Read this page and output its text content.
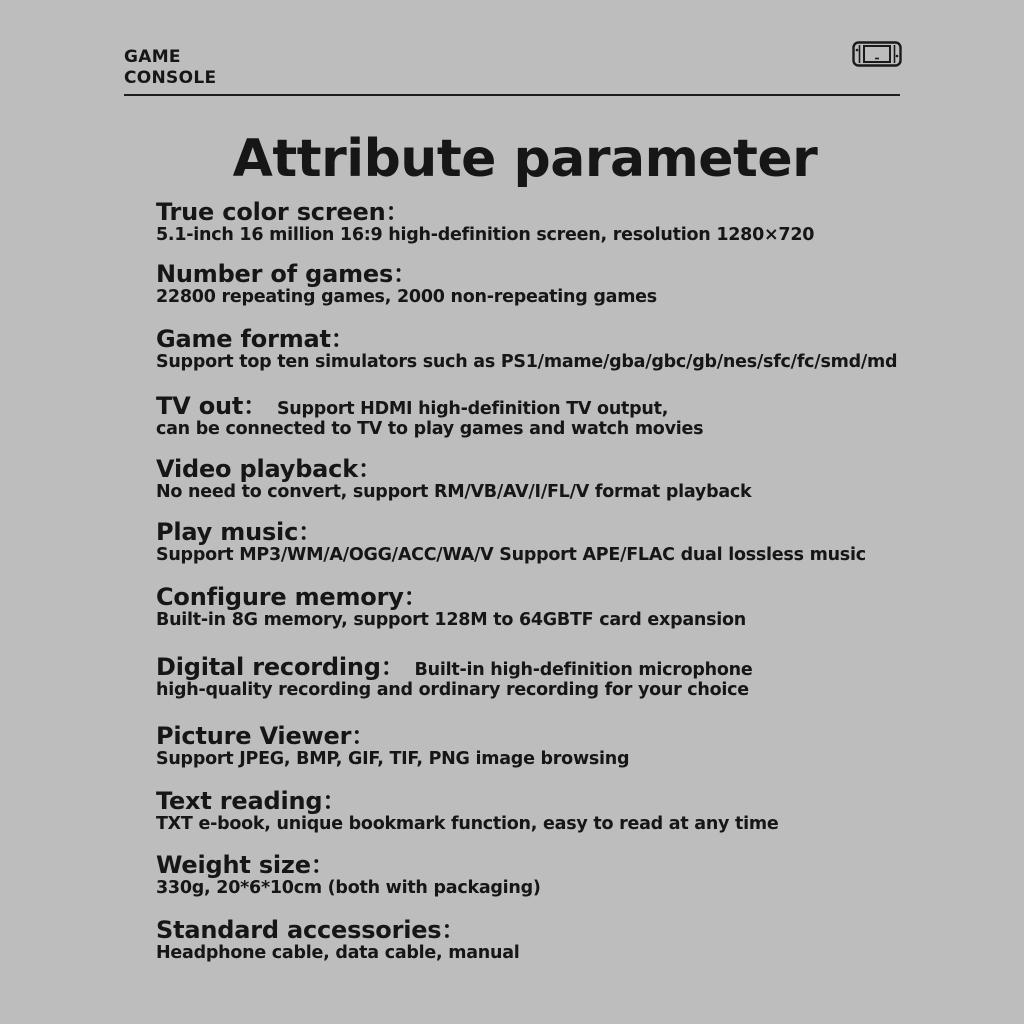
GAME
CONSOLE
Attribute parameter
True color screen：
5.1-inch 16 million 16:9 high-definition screen, resolution 1280×720
Number of games：
22800 repeating games, 2000 non-repeating games
Game format：
Support top ten simulators such as PS1/mame/gba/gbc/gb/nes/sfc/fc/smd/md
TV out： Support HDMI high-definition TV output,
can be connected to TV to play games and watch movies
Video playback：
No need to convert, support RM/VB/AV/I/FL/V format playback
Play music：
Support MP3/WM/A/OGG/ACC/WA/V Support APE/FLAC dual lossless music
Configure memory：
Built-in 8G memory, support 128M to 64GBTF card expansion
Digital recording： Built-in high-definition microphone
high-quality recording and ordinary recording for your choice
Picture Viewer：
Support JPEG, BMP, GIF, TIF, PNG image browsing
Text reading：
TXT e-book, unique bookmark function, easy to read at any time
Weight size：
330g, 20*6*10cm (both with packaging)
Standard accessories：
Headphone cable, data cable, manual
